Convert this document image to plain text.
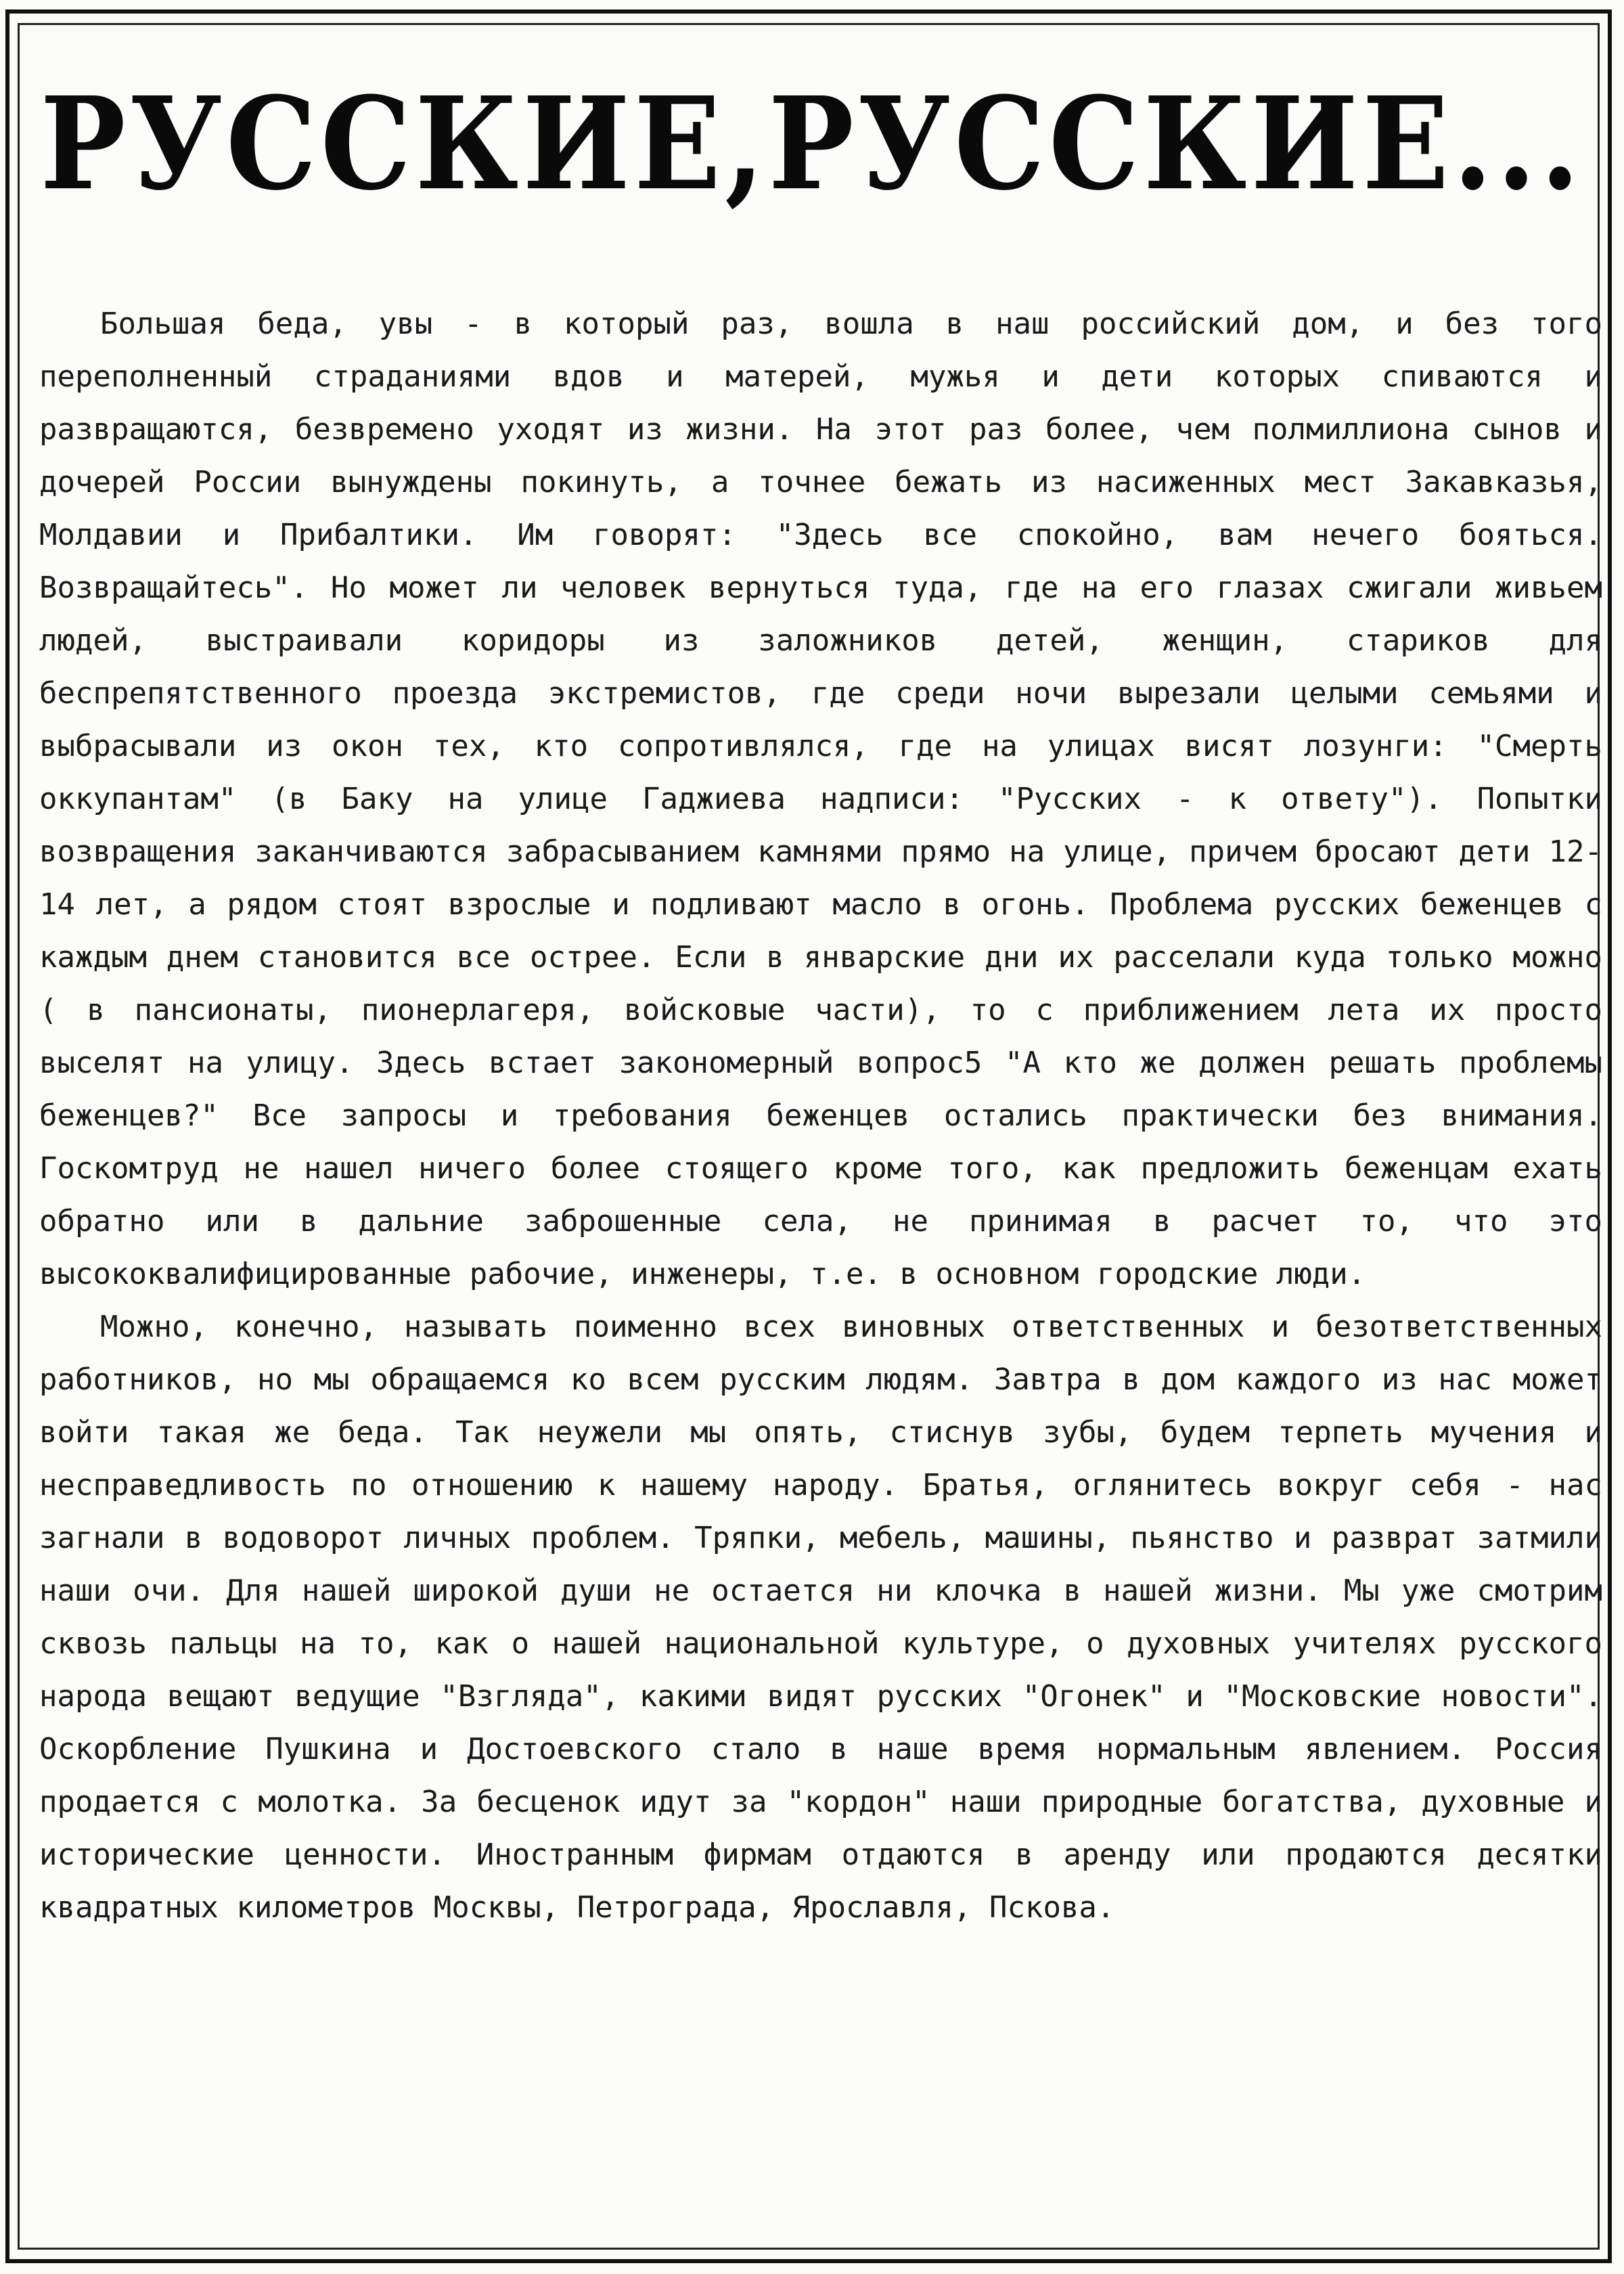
РУССКИЕ,РУССКИЕ...

Большая беда, увы - в который раз, вошла в наш российский дом, и без того переполненный страданиями вдов и матерей, мужья и дети которых спиваются и развращаются, безвремено уходят из жизни. На этот раз более, чем полмиллиона сынов и дочерей России вынуждены покинуть, а точнее бежать из насиженных мест Закавказья, Молдавии и Прибалтики. Им говорят: "Здесь все спокойно, вам нечего бояться. Возвращайтесь". Но может ли человек вернуться туда, где на его глазах сжигали живьем людей, выстраивали коридоры из заложников детей, женщин, стариков для беспрепятственного проезда экстремистов, где среди ночи вырезали целыми семьями и выбрасывали из окон тех, кто сопротивлялся, где на улицах висят лозунги: "Смерть оккупантам" (в Баку на улице Гаджиева надписи: "Русских - к ответу"). Попытки возвращения заканчиваются забрасыванием камнями прямо на улице, причем бросают дети 12-14 лет, а рядом стоят взрослые и подливают масло в огонь. Проблема русских беженцев с каждым днем становится все острее. Если в январские дни их расселали куда только можно ( в пансионаты, пионерлагеря, войсковые части), то с приближением лета их просто выселят на улицу. Здесь встает закономерный вопрос5 "А кто же должен решать проблемы беженцев?" Все запросы и требования беженцев остались практически без внимания. Госкомтруд не нашел ничего более стоящего кроме того, как предложить беженцам ехать обратно или в дальние заброшенные села, не принимая в расчет то, что это высококвалифицированные рабочие, инженеры, т.е. в основном городские люди.

Можно, конечно, называть поименно всех виновных ответственных и безответственных работников, но мы обращаемся ко всем русским людям. Завтра в дом каждого из нас может войти такая же беда. Так неужели мы опять, стиснув зубы, будем терпеть мучения и несправедливость по отношению к нашему народу. Братья, оглянитесь вокруг себя - нас загнали в водоворот личных проблем. Тряпки, мебель, машины, пьянство и разврат затмили наши очи. Для нашей широкой души не остается ни клочка в нашей жизни. Мы уже смотрим сквозь пальцы на то, как о нашей национальной культуре, о духовных учителях русского народа вещают ведущие "Взгляда", какими видят русских "Огонек" и "Московские новости". Оскорбление Пушкина и Достоевского стало в наше время нормальным явлением. Россия продается с молотка. За бесценок идут за "кордон" наши природные богатства, духовные и исторические ценности. Иностранным фирмам отдаются в аренду или продаются десятки квадратных километров Москвы, Петрограда, Ярославля, Пскова.
